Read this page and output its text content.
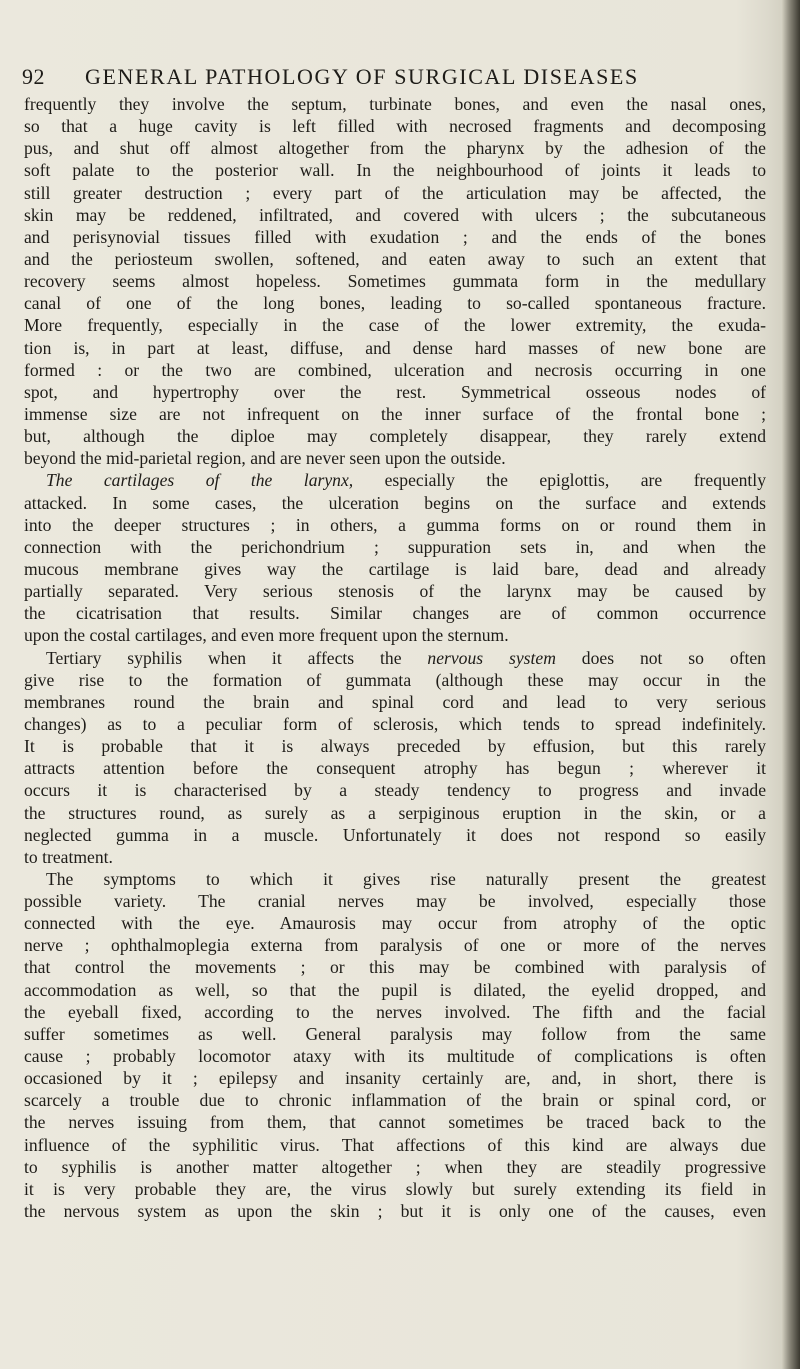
92 GENERAL PATHOLOGY OF SURGICAL DISEASES
frequently they involve the septum, turbinate bones, and even the nasal ones,
so that a huge cavity is left filled with necrosed fragments and decomposing
pus, and shut off almost altogether from the pharynx by the adhesion of the
soft palate to the posterior wall. In the neighbourhood of joints it leads to
still greater destruction ; every part of the articulation may be affected, the
skin may be reddened, infiltrated, and covered with ulcers ; the subcutaneous
and perisynovial tissues filled with exudation ; and the ends of the bones
and the periosteum swollen, softened, and eaten away to such an extent that
recovery seems almost hopeless. Sometimes gummata form in the medullary
canal of one of the long bones, leading to so-called spontaneous fracture.
More frequently, especially in the case of the lower extremity, the exuda-
tion is, in part at least, diffuse, and dense hard masses of new bone are
formed : or the two are combined, ulceration and necrosis occurring in one
spot, and hypertrophy over the rest. Symmetrical osseous nodes of
immense size are not infrequent on the inner surface of the frontal bone ;
but, although the diploe may completely disappear, they rarely extend
beyond the mid-parietal region, and are never seen upon the outside.
The cartilages of the larynx, especially the epiglottis, are frequently
attacked. In some cases, the ulceration begins on the surface and extends
into the deeper structures ; in others, a gumma forms on or round them in
connection with the perichondrium ; suppuration sets in, and when the
mucous membrane gives way the cartilage is laid bare, dead and already
partially separated. Very serious stenosis of the larynx may be caused by
the cicatrisation that results. Similar changes are of common occurrence
upon the costal cartilages, and even more frequent upon the sternum.
Tertiary syphilis when it affects the nervous system does not so often
give rise to the formation of gummata (although these may occur in the
membranes round the brain and spinal cord and lead to very serious
changes) as to a peculiar form of sclerosis, which tends to spread indefinitely.
It is probable that it is always preceded by effusion, but this rarely
attracts attention before the consequent atrophy has begun ; wherever it
occurs it is characterised by a steady tendency to progress and invade
the structures round, as surely as a serpiginous eruption in the skin, or a
neglected gumma in a muscle. Unfortunately it does not respond so easily
to treatment.
The symptoms to which it gives rise naturally present the greatest
possible variety. The cranial nerves may be involved, especially those
connected with the eye. Amaurosis may occur from atrophy of the optic
nerve ; ophthalmoplegia externa from paralysis of one or more of the nerves
that control the movements ; or this may be combined with paralysis of
accommodation as well, so that the pupil is dilated, the eyelid dropped, and
the eyeball fixed, according to the nerves involved. The fifth and the facial
suffer sometimes as well. General paralysis may follow from the same
cause ; probably locomotor ataxy with its multitude of complications is often
occasioned by it ; epilepsy and insanity certainly are, and, in short, there is
scarcely a trouble due to chronic inflammation of the brain or spinal cord, or
the nerves issuing from them, that cannot sometimes be traced back to the
influence of the syphilitic virus. That affections of this kind are always due
to syphilis is another matter altogether ; when they are steadily progressive
it is very probable they are, the virus slowly but surely extending its field in
the nervous system as upon the skin ; but it is only one of the causes, even
